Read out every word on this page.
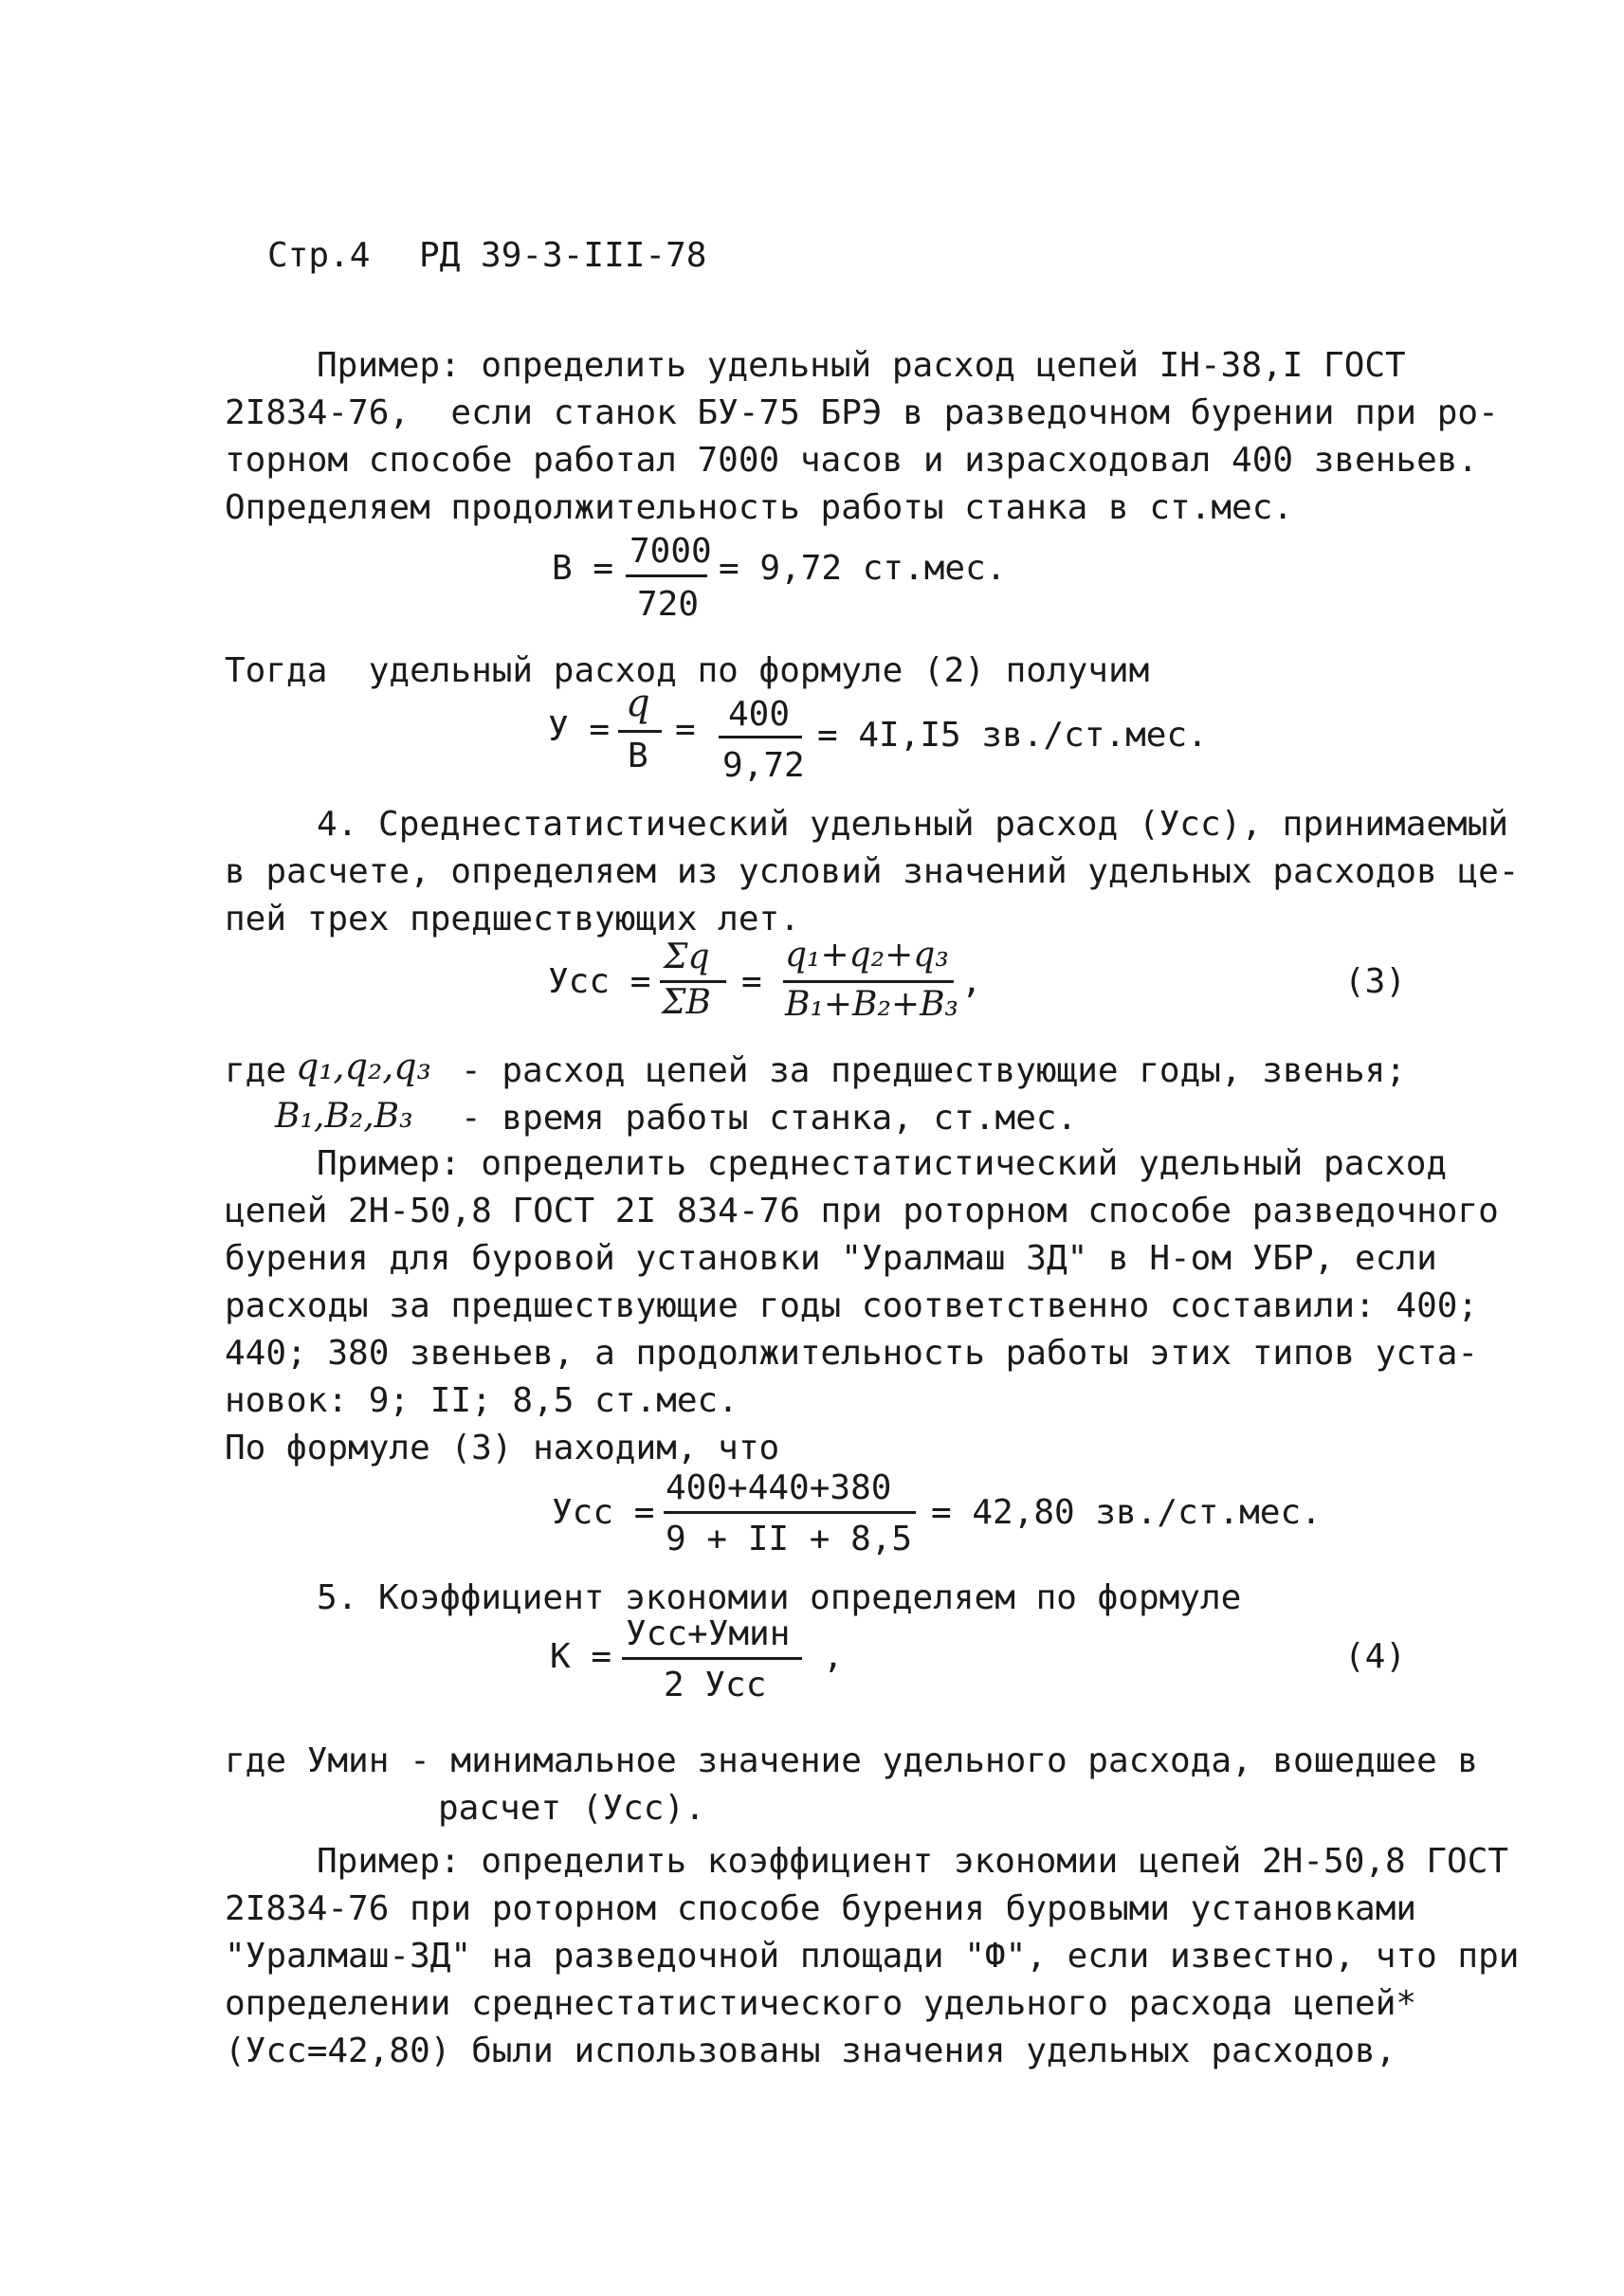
Стр.4 РД 39-3-III-78
Пример: определить удельный расход цепей IН-38,I ГОСТ
2I834-76,  если станок БУ-75 БРЭ в разведочном бурении при ро-
торном способе работал 7000 часов и израсходовал 400 звеньев.
Определяем продолжительность работы станка в ст.мес.
В = 7000
720
= 9,72 ст.мес.
Тогда  удельный расход по формуле (2) получим
У =
q
В
= 400
9,72
= 4I,I5 зв./ст.мес.
4. Среднестатистический удельный расход (Усс), принимаемый
в расчете, определяем из условий значений удельных расходов це-
пей трех предшествующих лет.
Усс =
Σq
ΣВ
=
q₁+q₂+q₃
В₁+В₂+В₃
,	(3)
где q₁,q₂,q₃ - расход цепей за предшествующие годы, звенья;
В₁,В₂,В₃ - время работы станка, ст.мес.
Пример: определить среднестатистический удельный расход
цепей 2Н-50,8 ГОСТ 2I 834-76 при роторном способе разведочного
бурения для буровой установки "Уралмаш 3Д" в Н-ом УБР, если
расходы за предшествующие годы соответственно составили: 400;
440; 380 звеньев, а продолжительность работы этих типов уста-
новок: 9; II; 8,5 ст.мес.
По формуле (3) находим, что
Усс =
400+440+380
9 + II + 8,5
= 42,80 зв./ст.мес.
5. Коэффициент экономии определяем по формуле
К =
Усс+Умин
2 Усс
,	(4)
где Умин - минимальное значение удельного расхода, вошедшее в
расчет (Усс).
Пример: определить коэффициент экономии цепей 2Н-50,8 ГОСТ
2I834-76 при роторном способе бурения буровыми установками
"Уралмаш-3Д" на разведочной площади "Ф", если известно, что при
определении среднестатистического удельного расхода цепей*
(Усс=42,80) были использованы значения удельных расходов,
